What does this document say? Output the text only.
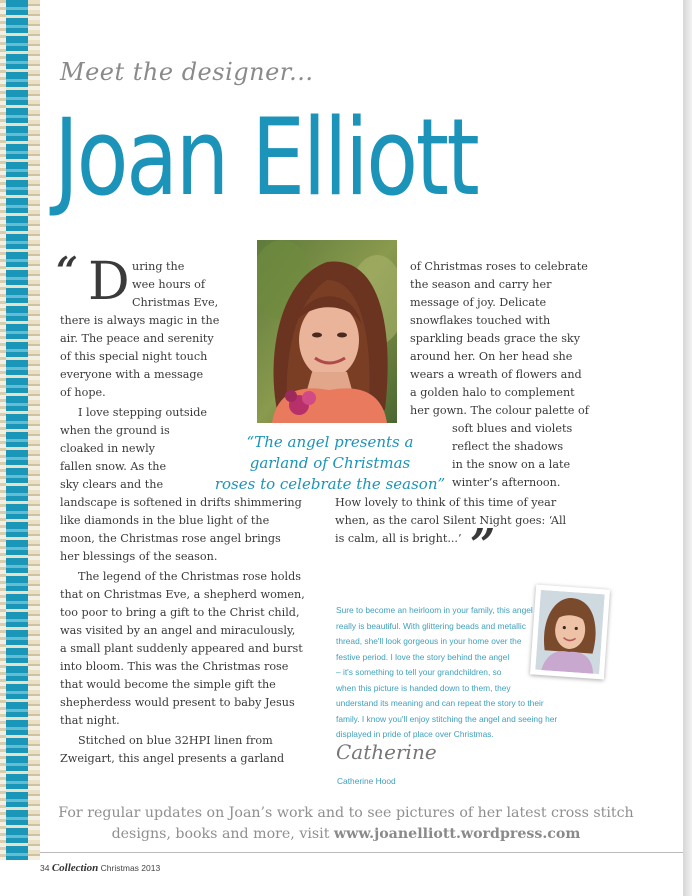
Meet the designer...
Joan Elliott
“ D uring the

wee hours of

Christmas Eve,

there is always magic in the

air. The peace and serenity

of this special night touch

everyone with a message

of hope.

I love stepping outside

when the ground is

cloaked in newly

fallen snow. As the

sky clears and the

landscape is softened in drifts shimmering

like diamonds in the blue light of the

moon, the Christmas rose angel brings

her blessings of the season.

The legend of the Christmas rose holds

that on Christmas Eve, a shepherd women,

too poor to bring a gift to the Christ child,

was visited by an angel and miraculously,

a small plant suddenly appeared and burst

into bloom. This was the Christmas rose

that would become the simple gift the

shepherdess would present to baby Jesus

that night.

Stitched on blue 32HPI linen from

Zweigart, this angel presents a garland

of Christmas roses to celebrate

the season and carry her

message of joy. Delicate

snowflakes touched with

sparkling beads grace the sky

around her. On her head she

wears a wreath of flowers and

a golden halo to complement

her gown. The colour palette of

soft blues and violets

reflect the shadows

in the snow on a late

winter’s afternoon.

How lovely to think of this time of year

when, as the carol Silent Night goes: ‘All

is calm, all is bright...’ ”

“The angel presents a

garland of Christmas

roses to celebrate the season”

Sure to become an heirloom in your family, this angel

really is beautiful. With glittering beads and metallic

thread, she'll look gorgeous in your home over the

festive period. I love the story behind the angel

– it's something to tell your grandchildren, so

when this picture is handed down to them, they

understand its meaning and can repeat the story to their

family. I know you'll enjoy stitching the angel and seeing her

displayed in pride of place over Christmas.

Catherine
Catherine Hood

For regular updates on Joan’s work and to see pictures of her latest cross stitch

designs, books and more, visit www.joanelliott.wordpress.com

34 Collection Christmas 2013
